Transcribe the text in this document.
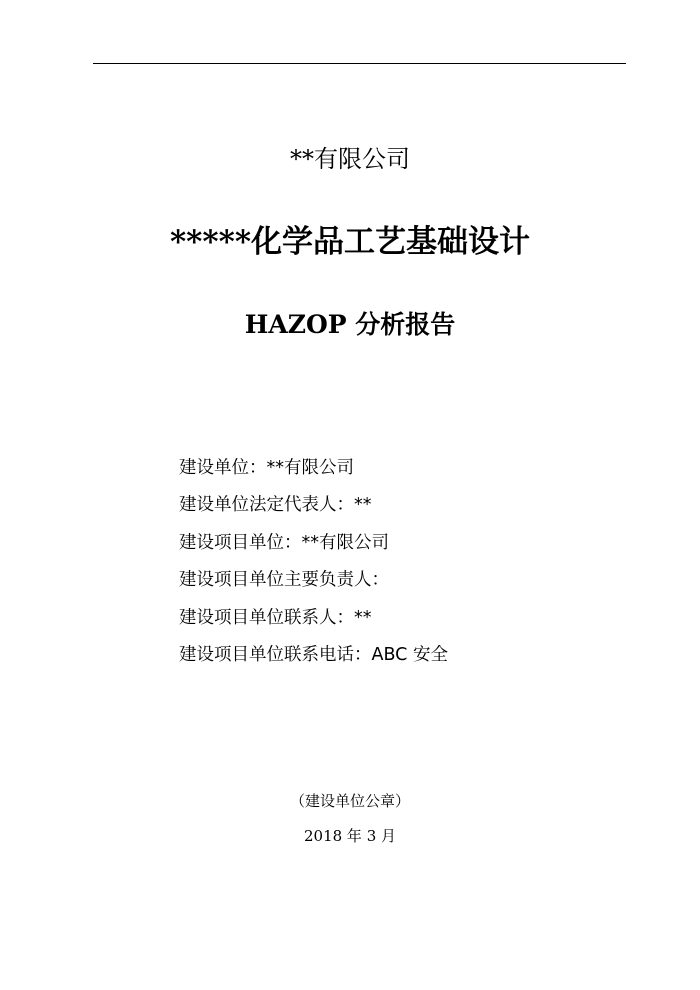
**有限公司
*****化学品工艺基础设计
HAZOP 分析报告
建设单位：**有限公司
建设单位法定代表人：**
建设项目单位：**有限公司
建设项目单位主要负责人：
建设项目单位联系人：**
建设项目单位联系电话：ABC 安全
（建设单位公章）
2018 年 3 月
